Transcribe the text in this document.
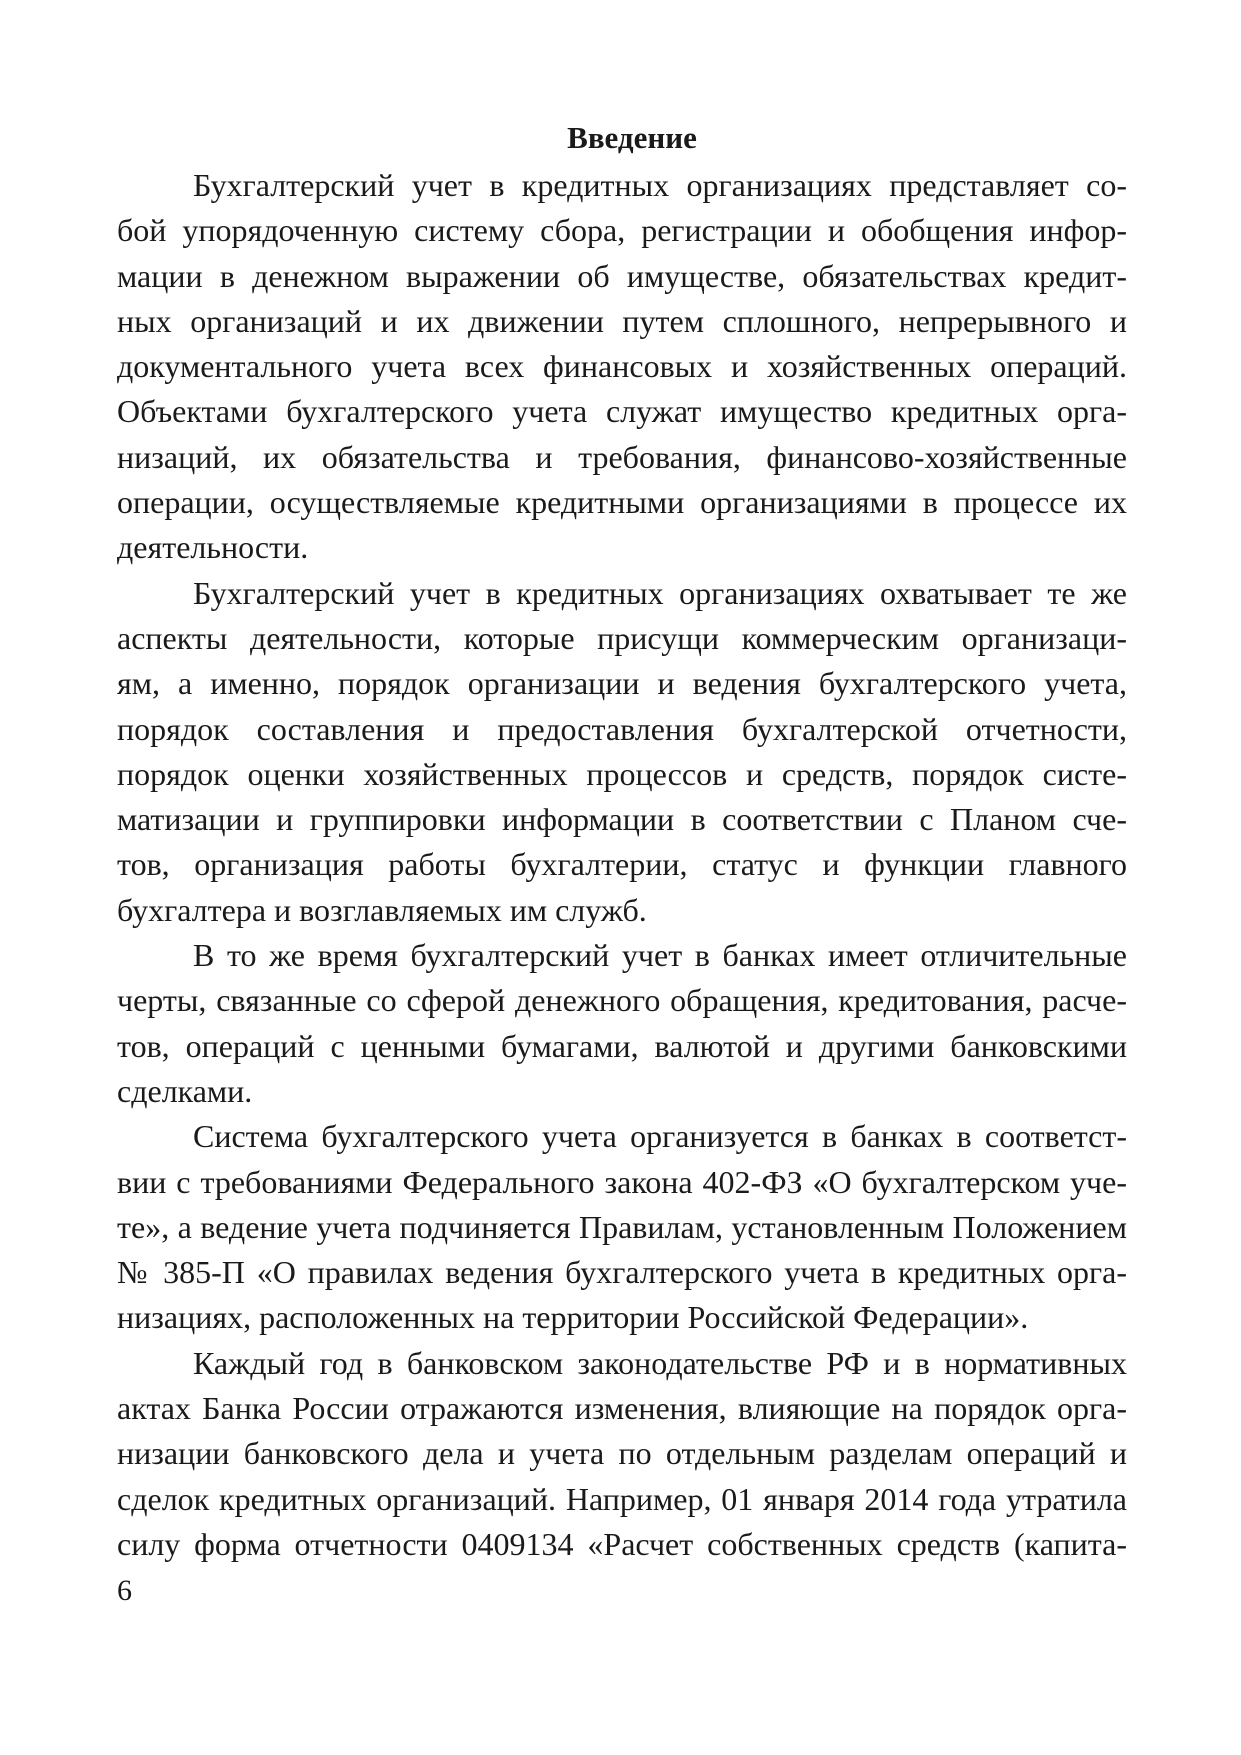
Введение
Бухгалтерский учет в кредитных организациях представляет со-
бой упорядоченную систему сбора, регистрации и обобщения инфор-
мации в денежном выражении об имуществе, обязательствах кредит-
ных организаций и их движении путем сплошного, непрерывного и
документального учета всех финансовых и хозяйственных операций.
Объектами бухгалтерского учета служат имущество кредитных орга-
низаций, их обязательства и требования, финансово-хозяйственные
операции, осуществляемые кредитными организациями в процессе их
деятельности.
Бухгалтерский учет в кредитных организациях охватывает те же
аспекты деятельности, которые присущи коммерческим организаци-
ям, а именно, порядок организации и ведения бухгалтерского учета,
порядок составления и предоставления бухгалтерской отчетности,
порядок оценки хозяйственных процессов и средств, порядок систе-
матизации и группировки информации в соответствии с Планом сче-
тов, организация работы бухгалтерии, статус и функции главного
бухгалтера и возглавляемых им служб.
В то же время бухгалтерский учет в банках имеет отличительные
черты, связанные со сферой денежного обращения, кредитования, расче-
тов, операций с ценными бумагами, валютой и другими банковскими
сделками.
Система бухгалтерского учета организуется в банках в соответст-
вии с требованиями Федерального закона 402-ФЗ «О бухгалтерском уче-
те», а ведение учета подчиняется Правилам, установленным Положением
№ 385-П «О правилах ведения бухгалтерского учета в кредитных орга-
низациях, расположенных на территории Российской Федерации».
Каждый год в банковском законодательстве РФ и в нормативных
актах Банка России отражаются изменения, влияющие на порядок орга-
низации банковского дела и учета по отдельным разделам операций и
сделок кредитных организаций. Например, 01 января 2014 года утратила
силу форма отчетности 0409134 «Расчет собственных средств (капита-
6
